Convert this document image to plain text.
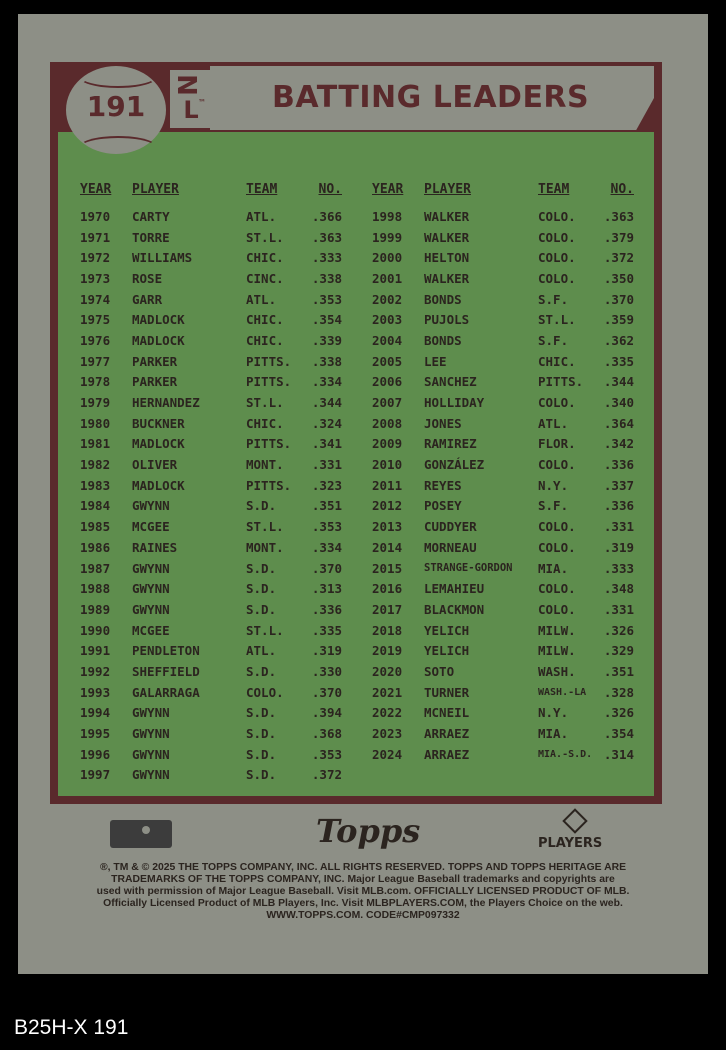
BATTING LEADERS
191
N
L ™
YEAR	PLAYER	TEAM	NO.
1970	CARTY	ATL.	.366
1971	TORRE	ST.L.	.363
1972	WILLIAMS	CHIC.	.333
1973	ROSE	CINC.	.338
1974	GARR	ATL.	.353
1975	MADLOCK	CHIC.	.354
1976	MADLOCK	CHIC.	.339
1977	PARKER	PITTS.	.338
1978	PARKER	PITTS.	.334
1979	HERNANDEZ	ST.L.	.344
1980	BUCKNER	CHIC.	.324
1981	MADLOCK	PITTS.	.341
1982	OLIVER	MONT.	.331
1983	MADLOCK	PITTS.	.323
1984	GWYNN	S.D.	.351
1985	MCGEE	ST.L.	.353
1986	RAINES	MONT.	.334
1987	GWYNN	S.D.	.370
1988	GWYNN	S.D.	.313
1989	GWYNN	S.D.	.336
1990	MCGEE	ST.L.	.335
1991	PENDLETON	ATL.	.319
1992	SHEFFIELD	S.D.	.330
1993	GALARRAGA	COLO.	.370
1994	GWYNN	S.D.	.394
1995	GWYNN	S.D.	.368
1996	GWYNN	S.D.	.353
1997	GWYNN	S.D.	.372
YEAR	PLAYER	TEAM	NO.
1998	WALKER	COLO.	.363
1999	WALKER	COLO.	.379
2000	HELTON	COLO.	.372
2001	WALKER	COLO.	.350
2002	BONDS	S.F.	.370
2003	PUJOLS	ST.L.	.359
2004	BONDS	S.F.	.362
2005	LEE	CHIC.	.335
2006	SANCHEZ	PITTS.	.344
2007	HOLLIDAY	COLO.	.340
2008	JONES	ATL.	.364
2009	RAMIREZ	FLOR.	.342
2010	GONZÁLEZ	COLO.	.336
2011	REYES	N.Y.	.337
2012	POSEY	S.F.	.336
2013	CUDDYER	COLO.	.331
2014	MORNEAU	COLO.	.319
2015	STRANGE-GORDON	MIA.	.333
2016	LEMAHIEU	COLO.	.348
2017	BLACKMON	COLO.	.331
2018	YELICH	MILW.	.326
2019	YELICH	MILW.	.329
2020	SOTO	WASH.	.351
2021	TURNER	WASH.-LA	.328
2022	MCNEIL	N.Y.	.326
2023	ARRAEZ	MIA.	.354
2024	ARRAEZ	MIA.-S.D. .314
Topps	PLAYERS
®, TM & © 2025 THE TOPPS COMPANY, INC. ALL RIGHTS RESERVED. TOPPS AND TOPPS HERITAGE ARE
TRADEMARKS OF THE TOPPS COMPANY, INC. Major League Baseball trademarks and copyrights are
used with permission of Major League Baseball. Visit MLB.com. OFFICIALLY LICENSED PRODUCT OF MLB.
Officially Licensed Product of MLB Players, Inc. Visit MLBPLAYERS.COM, the Players Choice on the web.
WWW.TOPPS.COM. CODE#CMP097332
B25H-X 191
